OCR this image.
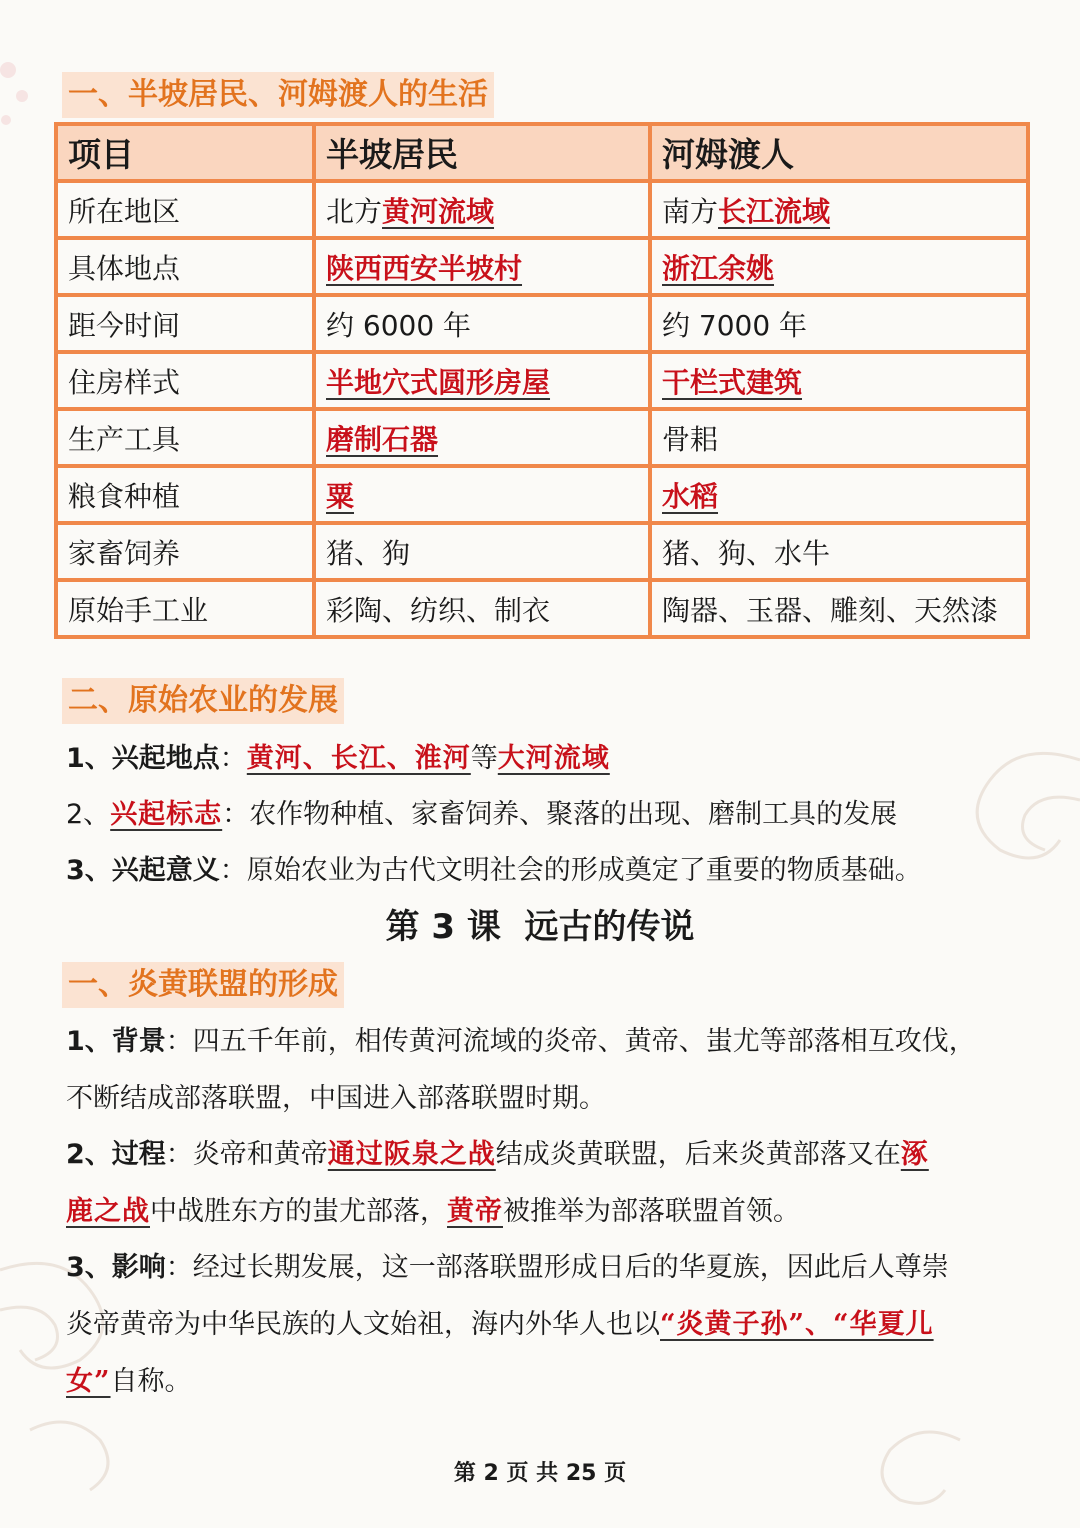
一、半坡居民、河姆渡人的生活
项目	半坡居民	河姆渡人
所在地区	北方黄河流域	南方长江流域
具体地点	陕西西安半坡村	浙江余姚
距今时间	约 6000 年	约 7000 年
住房样式	半地穴式圆形房屋	干栏式建筑
生产工具	磨制石器	骨耜
粮食种植	粟	水稻
家畜饲养	猪、狗	猪、狗、水牛
原始手工业	彩陶、纺织、制衣	陶器、玉器、雕刻、天然漆
二、原始农业的发展
1、兴起地点：黄河、长江、淮河等大河流域
2、兴起标志：农作物种植、家畜饲养、聚落的出现、磨制工具的发展
3、兴起意义：原始农业为古代文明社会的形成奠定了重要的物质基础。
第 3 课  远古的传说
一、炎黄联盟的形成
1、背景：四五千年前，相传黄河流域的炎帝、黄帝、蚩尤等部落相互攻伐，
不断结成部落联盟，中国进入部落联盟时期。
2、过程：炎帝和黄帝通过阪泉之战结成炎黄联盟，后来炎黄部落又在涿
鹿之战中战胜东方的蚩尤部落，黄帝被推举为部落联盟首领。
3、影响：经过长期发展，这一部落联盟形成日后的华夏族，因此后人尊崇
炎帝黄帝为中华民族的人文始祖，海内外华人也以“炎黄子孙”、“华夏儿
女”自称。
第 2 页 共 25 页
